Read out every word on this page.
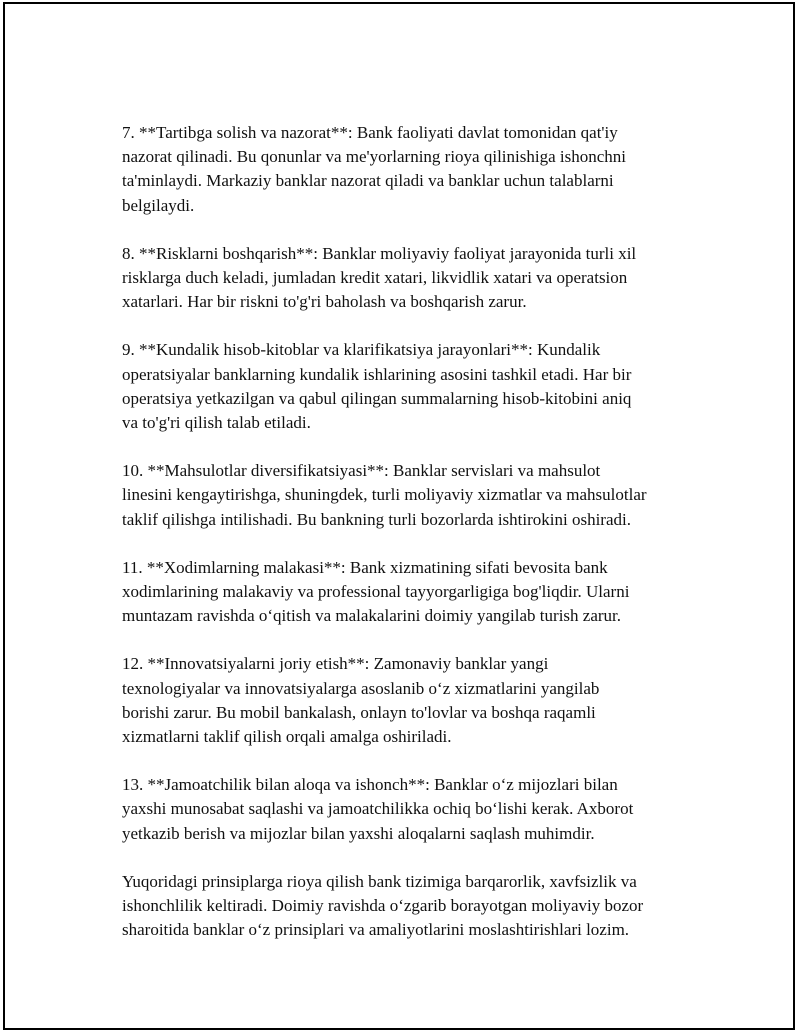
7. **Tartibga solish va nazorat**: Bank faoliyati davlat tomonidan qat'iy
nazorat qilinadi. Bu qonunlar va me'yorlarning rioya qilinishiga ishonchni
ta'minlaydi. Markaziy banklar nazorat qiladi va banklar uchun talablarni
belgilaydi.

8. **Risklarni boshqarish**: Banklar moliyaviy faoliyat jarayonida turli xil
risklarga duch keladi, jumladan kredit xatari, likvidlik xatari va operatsion
xatarlari. Har bir riskni to'g'ri baholash va boshqarish zarur.

9. **Kundalik hisob-kitoblar va klarifikatsiya jarayonlari**: Kundalik
operatsiyalar banklarning kundalik ishlarining asosini tashkil etadi. Har bir
operatsiya yetkazilgan va qabul qilingan summalarning hisob-kitobini aniq
va to'g'ri qilish talab etiladi.

10. **Mahsulotlar diversifikatsiyasi**: Banklar servislari va mahsulot
linesini kengaytirishga, shuningdek, turli moliyaviy xizmatlar va mahsulotlar
taklif qilishga intilishadi. Bu bankning turli bozorlarda ishtirokini oshiradi.

11. **Xodimlarning malakasi**: Bank xizmatining sifati bevosita bank
xodimlarining malakaviy va professional tayyorgarligiga bog'liqdir. Ularni
muntazam ravishda o‘qitish va malakalarini doimiy yangilab turish zarur.

12. **Innovatsiyalarni joriy etish**: Zamonaviy banklar yangi
texnologiyalar va innovatsiyalarga asoslanib o‘z xizmatlarini yangilab
borishi zarur. Bu mobil bankalash, onlayn to'lovlar va boshqa raqamli
xizmatlarni taklif qilish orqali amalga oshiriladi.

13. **Jamoatchilik bilan aloqa va ishonch**: Banklar o‘z mijozlari bilan
yaxshi munosabat saqlashi va jamoatchilikka ochiq bo‘lishi kerak. Axborot
yetkazib berish va mijozlar bilan yaxshi aloqalarni saqlash muhimdir.

Yuqoridagi prinsiplarga rioya qilish bank tizimiga barqarorlik, xavfsizlik va
ishonchlilik keltiradi. Doimiy ravishda o‘zgarib borayotgan moliyaviy bozor
sharoitida banklar o‘z prinsiplari va amaliyotlarini moslashtirishlari lozim.
